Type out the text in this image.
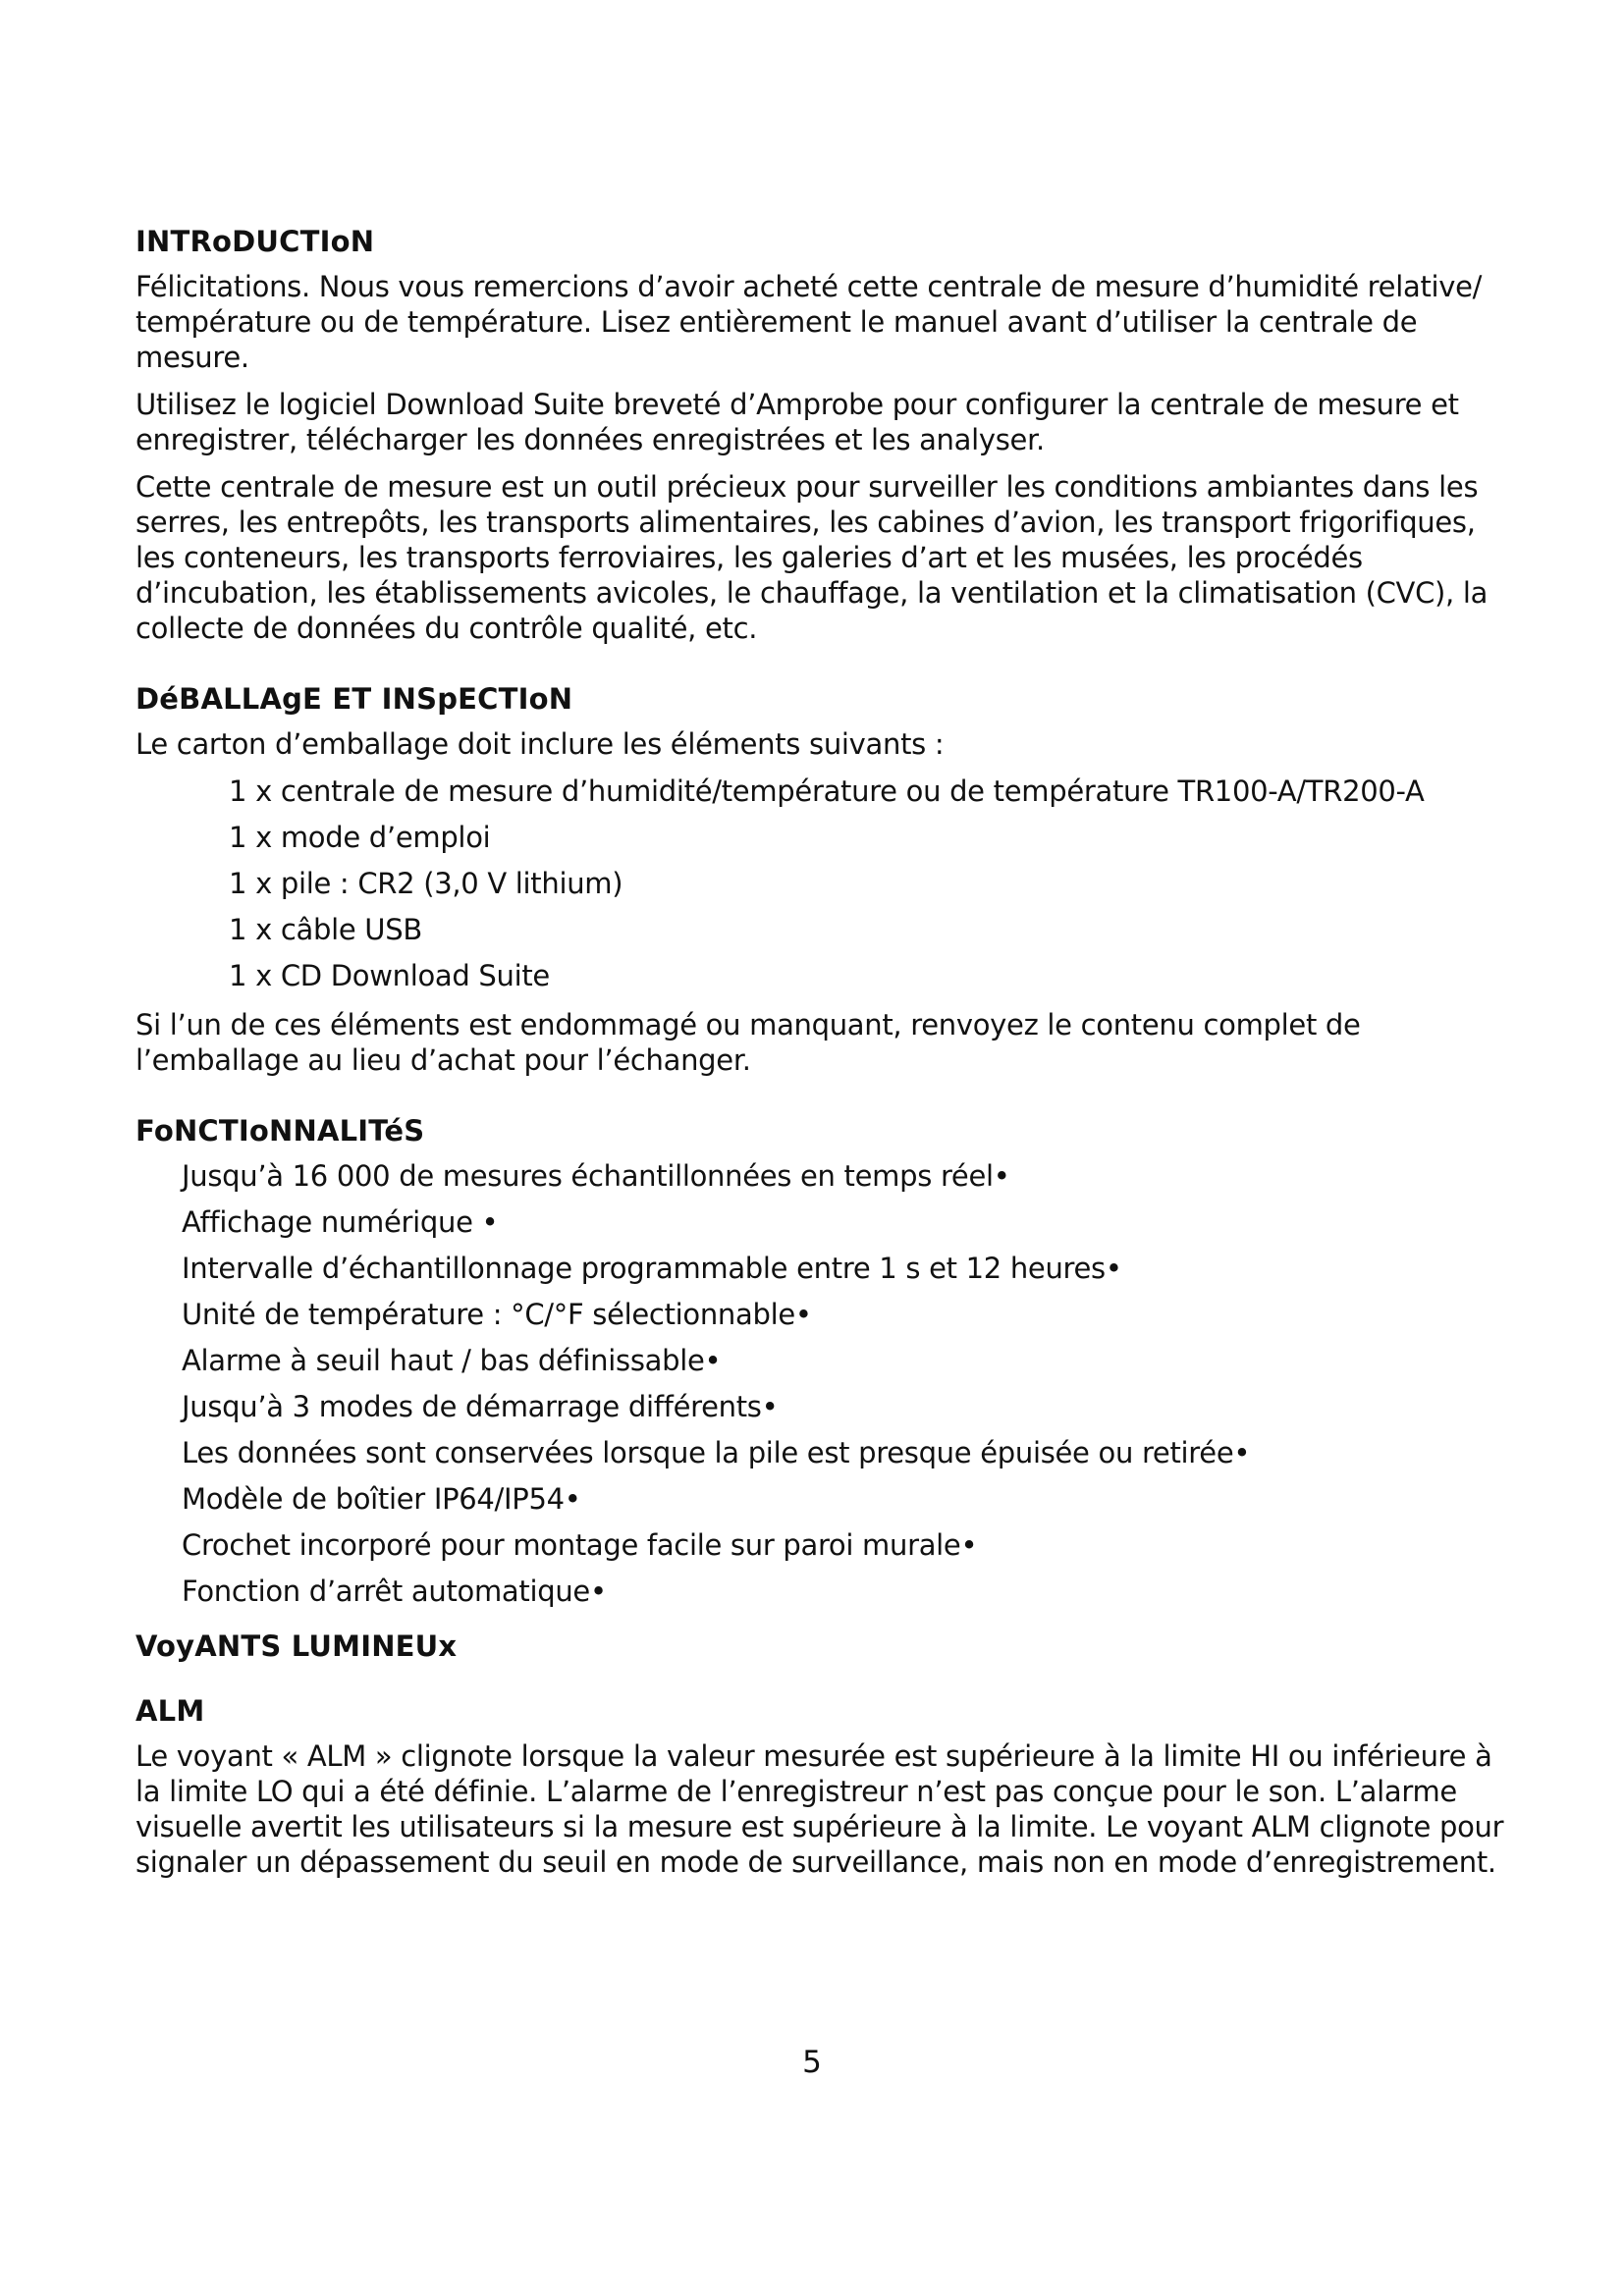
INTRoDUCTIoN

Félicitations. Nous vous remercions d’avoir acheté cette centrale de mesure d’humidité relative/ température ou de température. Lisez entièrement le manuel avant d’utiliser la centrale de mesure.

Utilisez le logiciel Download Suite breveté d’Amprobe pour configurer la centrale de mesure et enregistrer, télécharger les données enregistrées et les analyser.

Cette centrale de mesure est un outil précieux pour surveiller les conditions ambiantes dans les serres, les entrepôts, les transports alimentaires, les cabines d’avion, les transport frigorifiques, les conteneurs, les transports ferroviaires, les galeries d’art et les musées, les procédés d’incubation, les établissements avicoles, le chauffage, la ventilation et la climatisation (CVC), la collecte de données du contrôle qualité, etc.

DéBALLAgE ET INSpECTIoN

Le carton d’emballage doit inclure les éléments suivants :

1 x centrale de mesure d’humidité/température ou de température TR100-A/TR200-A
1 x mode d’emploi
1 x pile : CR2 (3,0 V lithium)
1 x câble USB
1 x CD Download Suite

Si l’un de ces éléments est endommagé ou manquant, renvoyez le contenu complet de l’emballage au lieu d’achat pour l’échanger.

FoNCTIoNNALITéS
Jusqu’à 16 000 de mesures échantillonnées en temps réel•
Affichage numérique •
Intervalle d’échantillonnage programmable entre 1 s et 12 heures•
Unité de température : °C/°F sélectionnable•
Alarme à seuil haut / bas définissable•
Jusqu’à 3 modes de démarrage différents•
Les données sont conservées lorsque la pile est presque épuisée ou retirée•
Modèle de boîtier IP64/IP54•
Crochet incorporé pour montage facile sur paroi murale•
Fonction d’arrêt automatique•
VoyANTS LUMINEUx
ALM

Le voyant « ALM » clignote lorsque la valeur mesurée est supérieure à la limite HI ou inférieure à la limite LO qui a été définie. L’alarme de l’enregistreur n’est pas conçue pour le son. L’alarme visuelle avertit les utilisateurs si la mesure est supérieure à la limite. Le voyant ALM clignote pour signaler un dépassement du seuil en mode de surveillance, mais non en mode d’enregistrement.

5
